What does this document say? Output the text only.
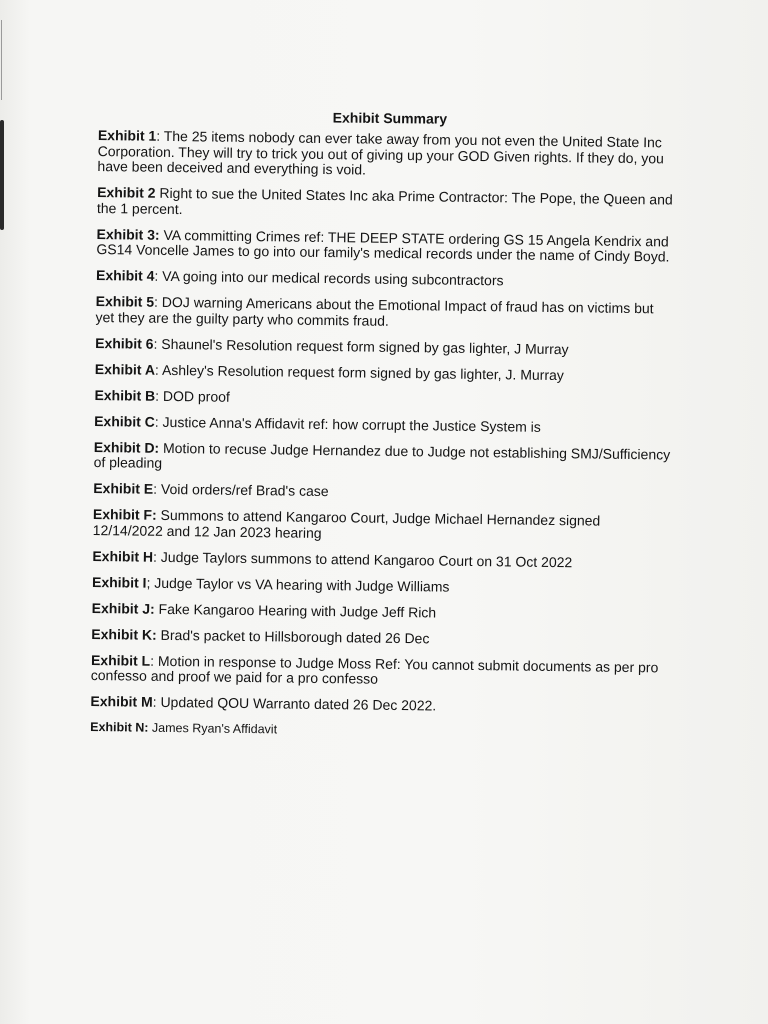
Exhibit Summary
Exhibit 1: The 25 items nobody can ever take away from you not even the United State Inc Corporation. They will try to trick you out of giving up your GOD Given rights. If they do, you have been deceived and everything is void.
Exhibit 2 Right to sue the United States Inc aka Prime Contractor: The Pope, the Queen and the 1 percent.
Exhibit 3: VA committing Crimes ref: THE DEEP STATE ordering GS 15 Angela Kendrix and GS14 Voncelle James to go into our family's medical records under the name of Cindy Boyd.
Exhibit 4: VA going into our medical records using subcontractors
Exhibit 5: DOJ warning Americans about the Emotional Impact of fraud has on victims but yet they are the guilty party who commits fraud.
Exhibit 6: Shaunel's Resolution request form signed by gas lighter, J Murray
Exhibit A: Ashley's Resolution request form signed by gas lighter, J. Murray
Exhibit B: DOD proof
Exhibit C: Justice Anna's Affidavit ref: how corrupt the Justice System is
Exhibit D: Motion to recuse Judge Hernandez due to Judge not establishing SMJ/Sufficiency of pleading
Exhibit E: Void orders/ref Brad's case
Exhibit F: Summons to attend Kangaroo Court, Judge Michael Hernandez signed 12/14/2022 and 12 Jan 2023 hearing
Exhibit H: Judge Taylors summons to attend Kangaroo Court on 31 Oct 2022
Exhibit I; Judge Taylor vs VA hearing with Judge Williams
Exhibit J: Fake Kangaroo Hearing with Judge Jeff Rich
Exhibit K: Brad's packet to Hillsborough dated 26 Dec
Exhibit L: Motion in response to Judge Moss Ref: You cannot submit documents as per pro confesso and proof we paid for a pro confesso
Exhibit M: Updated QOU Warranto dated 26 Dec 2022.
Exhibit N: James Ryan's Affidavit
